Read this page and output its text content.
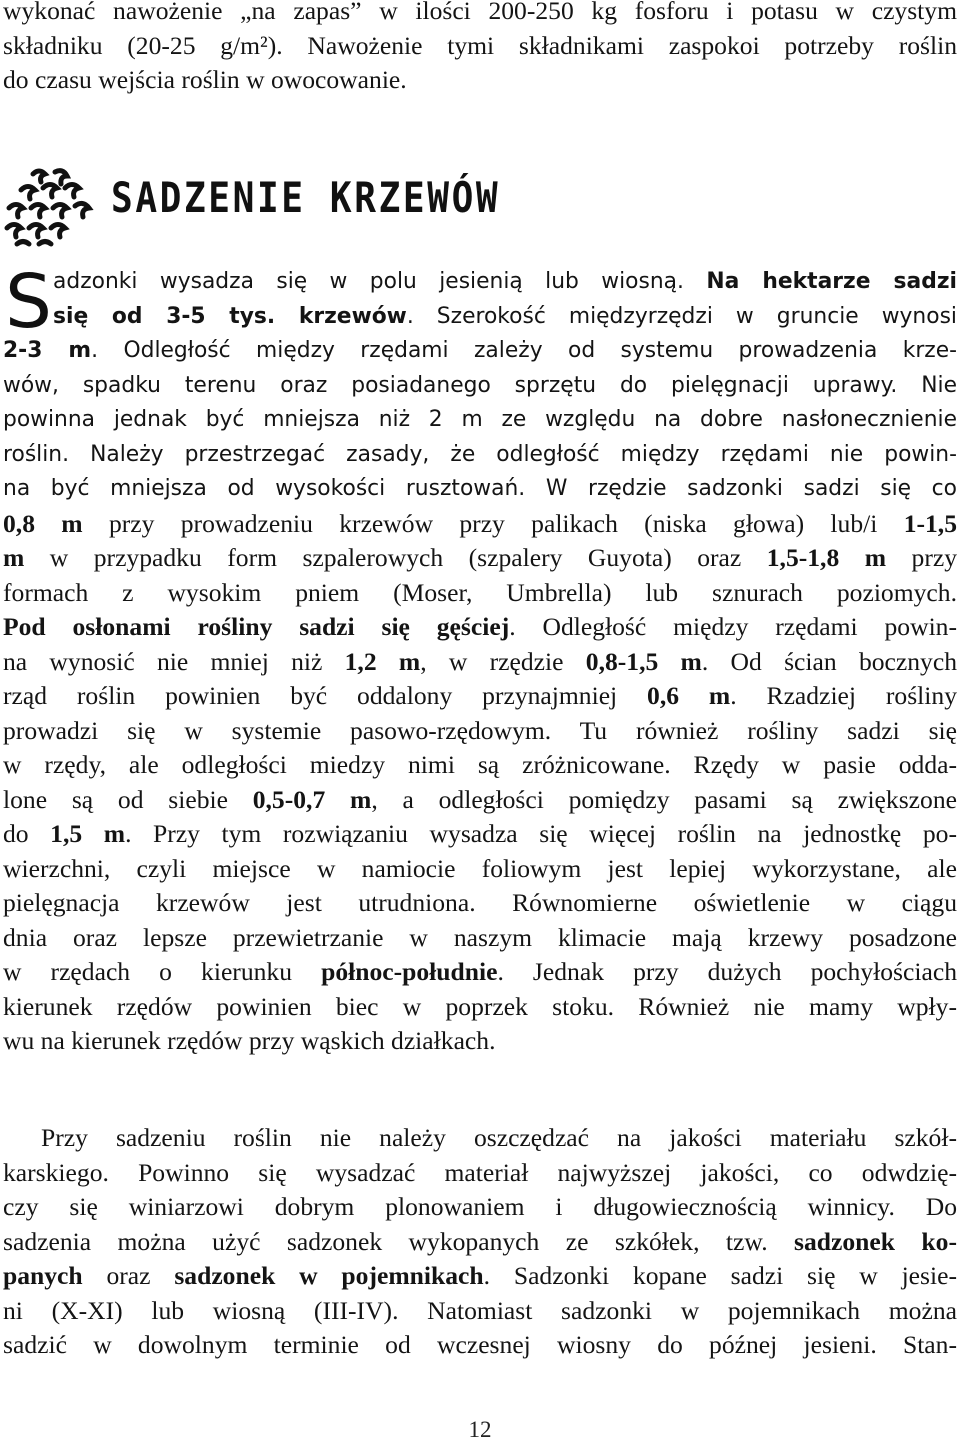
wykonać nawożenie „na zapas” w ilości 200-250 kg fosforu i potasu w czystym
składniku (20-25 g/m²). Nawożenie tymi składnikami zaspokoi potrzeby roślin
do czasu wejścia roślin w owocowanie.
SADZENIE KRZEWÓW
S adzonki wysadza się w polu jesienią lub wiosną. Na hektarze sadzi
się od 3-5 tys. krzewów. Szerokość międzyrzędzi w gruncie wynosi
2-3 m. Odległość między rzędami zależy od systemu prowadzenia krze-
wów, spadku terenu oraz posiadanego sprzętu do pielęgnacji uprawy. Nie
powinna jednak być mniejsza niż 2 m ze względu na dobre nasłonecznienie
roślin. Należy przestrzegać zasady, że odległość między rzędami nie powin-
na być mniejsza od wysokości rusztowań. W rzędzie sadzonki sadzi się co
0,8 m przy prowadzeniu krzewów przy palikach (niska głowa) lub/i 1-1,5
m w przypadku form szpalerowych (szpalery Guyota) oraz 1,5-1,8 m przy
formach z wysokim pniem (Moser, Umbrella) lub sznurach poziomych.
Pod osłonami rośliny sadzi się gęściej. Odległość między rzędami powin-
na wynosić nie mniej niż 1,2 m, w rzędzie 0,8-1,5 m. Od ścian bocznych
rząd roślin powinien być oddalony przynajmniej 0,6 m. Rzadziej rośliny
prowadzi się w systemie pasowo-rzędowym. Tu również rośliny sadzi się
w rzędy, ale odległości miedzy nimi są zróżnicowane. Rzędy w pasie odda-
lone są od siebie 0,5-0,7 m, a odległości pomiędzy pasami są zwiększone
do 1,5 m. Przy tym rozwiązaniu wysadza się więcej roślin na jednostkę po-
wierzchni, czyli miejsce w namiocie foliowym jest lepiej wykorzystane, ale
pielęgnacja krzewów jest utrudniona. Równomierne oświetlenie w ciągu
dnia oraz lepsze przewietrzanie w naszym klimacie mają krzewy posadzone
w rzędach o kierunku północ-południe. Jednak przy dużych pochyłościach
kierunek rzędów powinien biec w poprzek stoku. Również nie mamy wpły-
wu na kierunek rzędów przy wąskich działkach.
Przy sadzeniu roślin nie należy oszczędzać na jakości materiału szkół-
karskiego. Powinno się wysadzać materiał najwyższej jakości, co odwdzię-
czy się winiarzowi dobrym plonowaniem i długowiecznością winnicy. Do
sadzenia można użyć sadzonek wykopanych ze szkółek, tzw. sadzonek ko-
panych oraz sadzonek w pojemnikach. Sadzonki kopane sadzi się w jesie-
ni (X-XI) lub wiosną (III-IV). Natomiast sadzonki w pojemnikach można
sadzić w dowolnym terminie od wczesnej wiosny do późnej jesieni. Stan-
12
